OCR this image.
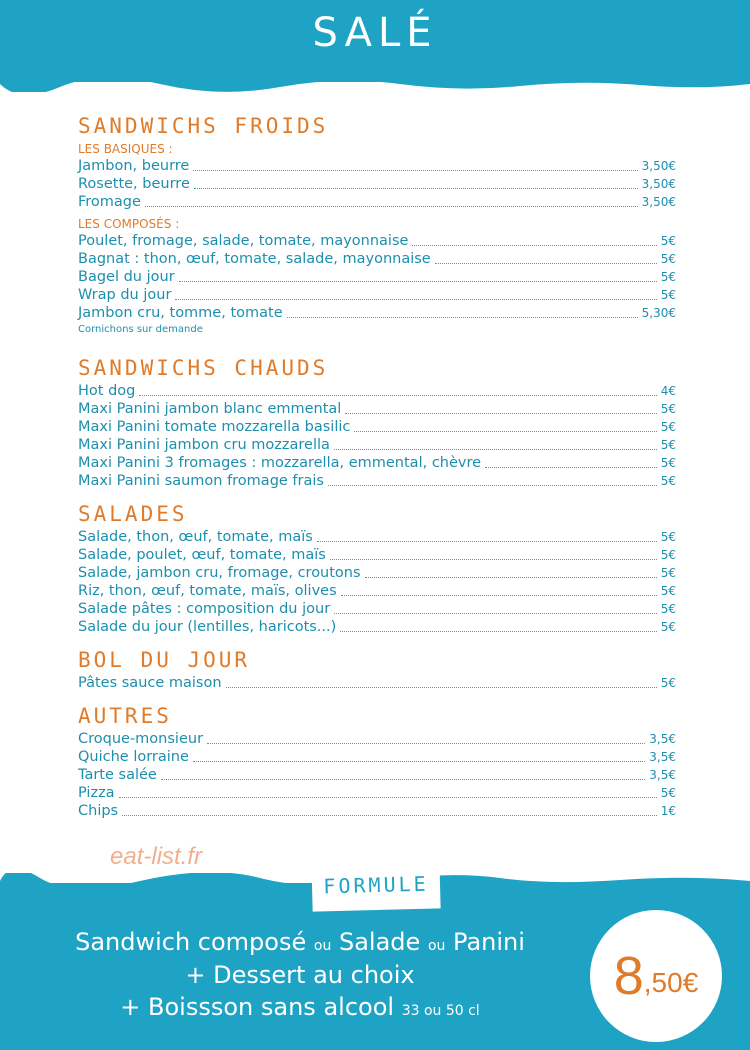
SALÉ
SANDWICHS FROIDS
LES BASIQUES :
Jambon, beurre	3,50€
Rosette, beurre	3,50€
Fromage	3,50€
LES COMPOSÉS :
Poulet, fromage, salade, tomate, mayonnaise	5€
Bagnat : thon, œuf, tomate, salade, mayonnaise	5€
Bagel du jour	5€
Wrap du jour	5€
Jambon cru, tomme, tomate	5,30€
Cornichons sur demande
SANDWICHS CHAUDS
Hot dog	4€
Maxi Panini jambon blanc emmental	5€
Maxi Panini tomate mozzarella basilic	5€
Maxi Panini jambon cru mozzarella	5€
Maxi Panini 3 fromages : mozzarella, emmental, chèvre	5€
Maxi Panini saumon fromage frais	5€
SALADES
Salade, thon, œuf, tomate, maïs	5€
Salade, poulet, œuf, tomate, maïs	5€
Salade, jambon cru, fromage, croutons	5€
Riz, thon, œuf, tomate, maïs, olives	5€
Salade pâtes : composition du jour	5€
Salade du jour (lentilles, haricots...)	5€
BOL DU JOUR
Pâtes sauce maison	5€
AUTRES
Croque-monsieur	3,5€
Quiche lorraine	3,5€
Tarte salée	3,5€
Pizza	5€
Chips	1€
eat-list.fr
Sandwich composé ou Salade ou Panini
+ Dessert au choix
+ Boissson sans alcool 33 ou 50 cl
FORMULE
8 ,50€
